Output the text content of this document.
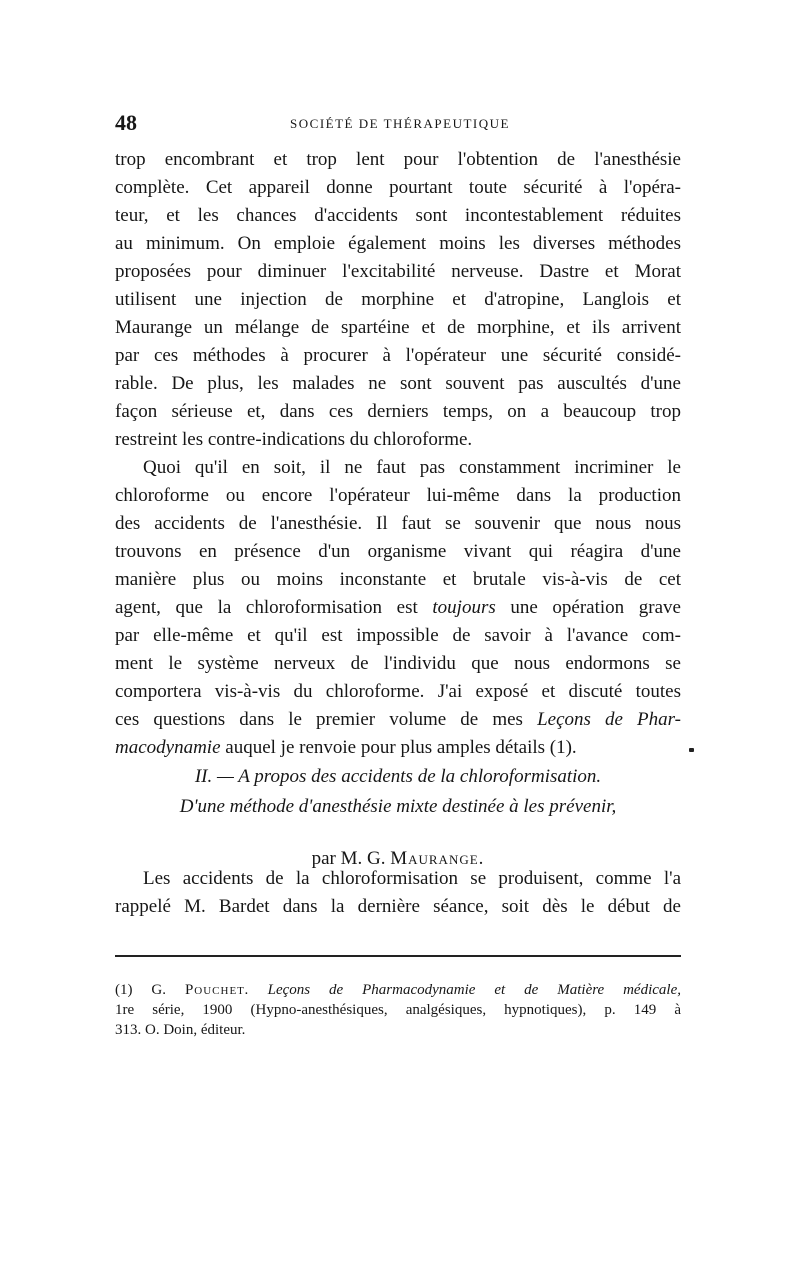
48	SOCIÉTÉ DE THÉRAPEUTIQUE

trop encombrant et trop lent pour l'obtention de l'anesthésie
complète. Cet appareil donne pourtant toute sécurité à l'opéra-
teur, et les chances d'accidents sont incontestablement réduites
au minimum. On emploie également moins les diverses méthodes
proposées pour diminuer l'excitabilité nerveuse. Dastre et Morat
utilisent une injection de morphine et d'atropine, Langlois et
Maurange un mélange de spartéine et de morphine, et ils arrivent
par ces méthodes à procurer à l'opérateur une sécurité considé-
rable. De plus, les malades ne sont souvent pas auscultés d'une
façon sérieuse et, dans ces derniers temps, on a beaucoup trop
restreint les contre-indications du chloroforme.

Quoi qu'il en soit, il ne faut pas constamment incriminer le
chloroforme ou encore l'opérateur lui-même dans la production
des accidents de l'anesthésie. Il faut se souvenir que nous nous
trouvons en présence d'un organisme vivant qui réagira d'une
manière plus ou moins inconstante et brutale vis-à-vis de cet
agent, que la chloroformisation est toujours une opération grave
par elle-même et qu'il est impossible de savoir à l'avance com-
ment le système nerveux de l'individu que nous endormons se
comportera vis-à-vis du chloroforme. J'ai exposé et discuté toutes
ces questions dans le premier volume de mes Leçons de Phar-
macodynamie auquel je renvoie pour plus amples détails (1).

II. — A propos des accidents de la chloroformisation.
D'une méthode d'anesthésie mixte destinée à les prévenir,
par M. G. Maurange.

Les accidents de la chloroformisation se produisent, comme l'a
rappelé M. Bardet dans la dernière séance, soit dès le début de

(1) G. Pouchet. Leçons de Pharmacodynamie et de Matière médicale,
1re série, 1900 (Hypno-anesthésiques, analgésiques, hypnotiques), p. 149 à
313. O. Doin, éditeur.
